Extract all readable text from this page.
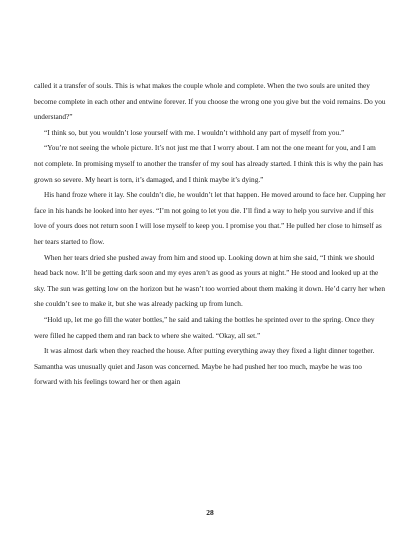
called it a transfer of souls. This is what makes the couple whole and complete. When the two souls are united they become complete in each other and entwine forever. If you choose the wrong one you give but the void remains. Do you understand?”

“I think so, but you wouldn’t lose yourself with me. I wouldn’t withhold any part of myself from you.”

“You’re not seeing the whole picture. It’s not just me that I worry about. I am not the one meant for you, and I am not complete. In promising myself to another the transfer of my soul has already started. I think this is why the pain has grown so severe. My heart is torn, it’s damaged, and I think maybe it’s dying.”

His hand froze where it lay. She couldn’t die, he wouldn’t let that happen. He moved around to face her. Cupping her face in his hands he looked into her eyes. “I’m not going to let you die. I’ll find a way to help you survive and if this love of yours does not return soon I will lose myself to keep you. I promise you that.” He pulled her close to himself as her tears started to flow.

When her tears dried she pushed away from him and stood up. Looking down at him she said, “I think we should head back now. It’ll be getting dark soon and my eyes aren’t as good as yours at night.” He stood and looked up at the sky. The sun was getting low on the horizon but he wasn’t too worried about them making it down. He’d carry her when she couldn’t see to make it, but she was already packing up from lunch.

“Hold up, let me go fill the water bottles,” he said and taking the bottles he sprinted over to the spring. Once they were filled he capped them and ran back to where she waited. “Okay, all set.”

It was almost dark when they reached the house. After putting everything away they fixed a light dinner together. Samantha was unusually quiet and Jason was concerned. Maybe he had pushed her too much, maybe he was too forward with his feelings toward her or then again

28
